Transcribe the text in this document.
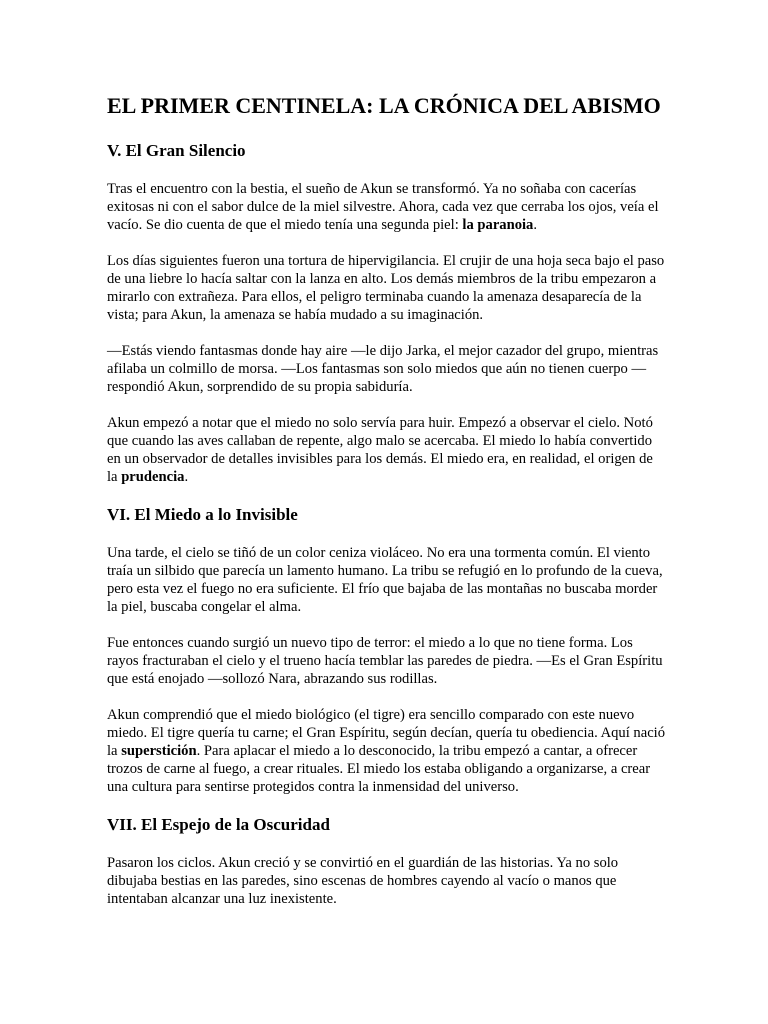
EL PRIMER CENTINELA: LA CRÓNICA DEL ABISMO
V. El Gran Silencio

Tras el encuentro con la bestia, el sueño de Akun se transformó. Ya no soñaba con cacerías exitosas ni con el sabor dulce de la miel silvestre. Ahora, cada vez que cerraba los ojos, veía el vacío. Se dio cuenta de que el miedo tenía una segunda piel: la paranoia.

Los días siguientes fueron una tortura de hipervigilancia. El crujir de una hoja seca bajo el paso de una liebre lo hacía saltar con la lanza en alto. Los demás miembros de la tribu empezaron a mirarlo con extrañeza. Para ellos, el peligro terminaba cuando la amenaza desaparecía de la vista; para Akun, la amenaza se había mudado a su imaginación.

—Estás viendo fantasmas donde hay aire —le dijo Jarka, el mejor cazador del grupo, mientras afilaba un colmillo de morsa. —Los fantasmas son solo miedos que aún no tienen cuerpo —respondió Akun, sorprendido de su propia sabiduría.

Akun empezó a notar que el miedo no solo servía para huir. Empezó a observar el cielo. Notó que cuando las aves callaban de repente, algo malo se acercaba. El miedo lo había convertido en un observador de detalles invisibles para los demás. El miedo era, en realidad, el origen de la prudencia.

VI. El Miedo a lo Invisible

Una tarde, el cielo se tiñó de un color ceniza violáceo. No era una tormenta común. El viento traía un silbido que parecía un lamento humano. La tribu se refugió en lo profundo de la cueva, pero esta vez el fuego no era suficiente. El frío que bajaba de las montañas no buscaba morder la piel, buscaba congelar el alma.

Fue entonces cuando surgió un nuevo tipo de terror: el miedo a lo que no tiene forma. Los rayos fracturaban el cielo y el trueno hacía temblar las paredes de piedra. —Es el Gran Espíritu que está enojado —sollozó Nara, abrazando sus rodillas.

Akun comprendió que el miedo biológico (el tigre) era sencillo comparado con este nuevo miedo. El tigre quería tu carne; el Gran Espíritu, según decían, quería tu obediencia. Aquí nació la superstición. Para aplacar el miedo a lo desconocido, la tribu empezó a cantar, a ofrecer trozos de carne al fuego, a crear rituales. El miedo los estaba obligando a organizarse, a crear una cultura para sentirse protegidos contra la inmensidad del universo.

VII. El Espejo de la Oscuridad

Pasaron los ciclos. Akun creció y se convirtió en el guardián de las historias. Ya no solo dibujaba bestias en las paredes, sino escenas de hombres cayendo al vacío o manos que intentaban alcanzar una luz inexistente.
